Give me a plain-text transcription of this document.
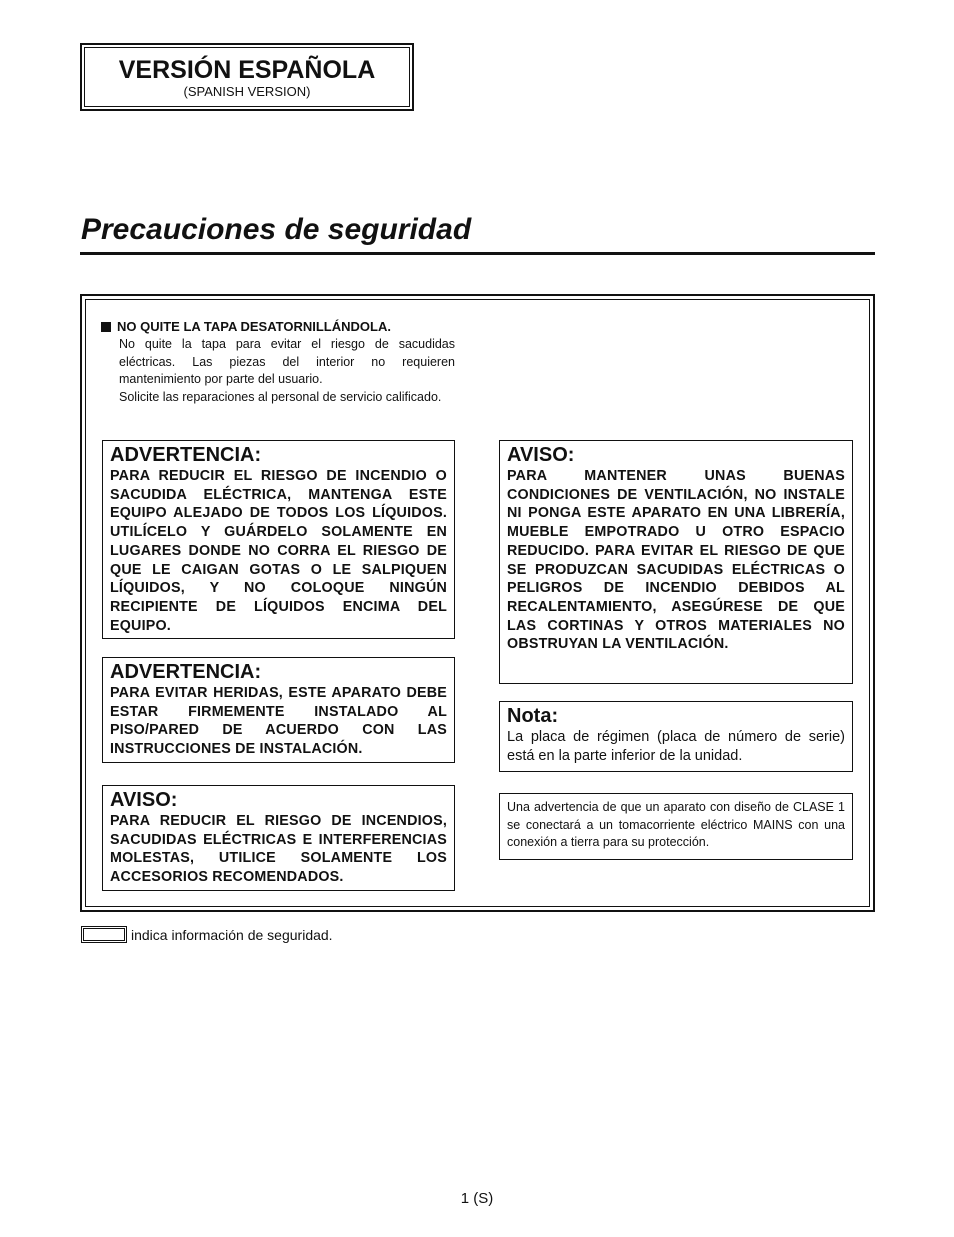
VERSIÓN ESPAÑOLA
(SPANISH VERSION)
Precauciones de seguridad
NO QUITE LA TAPA DESATORNILLÁNDOLA.

No quite la tapa para evitar el riesgo de sacudidas eléctricas. Las piezas del interior no requieren mantenimiento por parte del usuario.

Solicite las reparaciones al personal de servicio calificado.

ADVERTENCIA:
PARA REDUCIR EL RIESGO DE INCENDIO O SACUDIDA ELÉCTRICA, MANTENGA ESTE EQUIPO ALEJADO DE TODOS LOS LÍQUIDOS. UTILÍCELO Y GUÁRDELO SOLAMENTE EN LUGARES DONDE NO CORRA EL RIESGO DE QUE LE CAIGAN GOTAS O LE SALPIQUEN LÍQUIDOS, Y NO COLOQUE NINGÚN RECIPIENTE DE LÍQUIDOS ENCIMA DEL EQUIPO.
ADVERTENCIA:
PARA EVITAR HERIDAS, ESTE APARATO DEBE ESTAR FIRMEMENTE INSTALADO AL PISO/PARED DE ACUERDO CON LAS INSTRUCCIONES DE INSTALACIÓN.
AVISO:
PARA REDUCIR EL RIESGO DE INCENDIOS, SACUDIDAS ELÉCTRICAS E INTERFERENCIAS MOLESTAS, UTILICE SOLAMENTE LOS ACCESORIOS RECOMENDADOS.
AVISO:
PARA MANTENER UNAS BUENAS CONDICIONES DE VENTILACIÓN, NO INSTALE NI PONGA ESTE APARATO EN UNA LIBRERÍA, MUEBLE EMPOTRADO U OTRO ESPACIO REDUCIDO. PARA EVITAR EL RIESGO DE QUE SE PRODUZCAN SACUDIDAS ELÉCTRICAS O PELIGROS DE INCENDIO DEBIDOS AL RECALENTAMIENTO, ASEGÚRESE DE QUE LAS CORTINAS Y OTROS MATERIALES NO OBSTRUYAN LA VENTILACIÓN.
Nota:
La placa de régimen (placa de número de serie) está en la parte inferior de la unidad.
Una advertencia de que un aparato con diseño de CLASE 1 se conectará a un tomacorriente eléctrico MAINS con una conexión a tierra para su protección.
indica información de seguridad.
1 (S)
